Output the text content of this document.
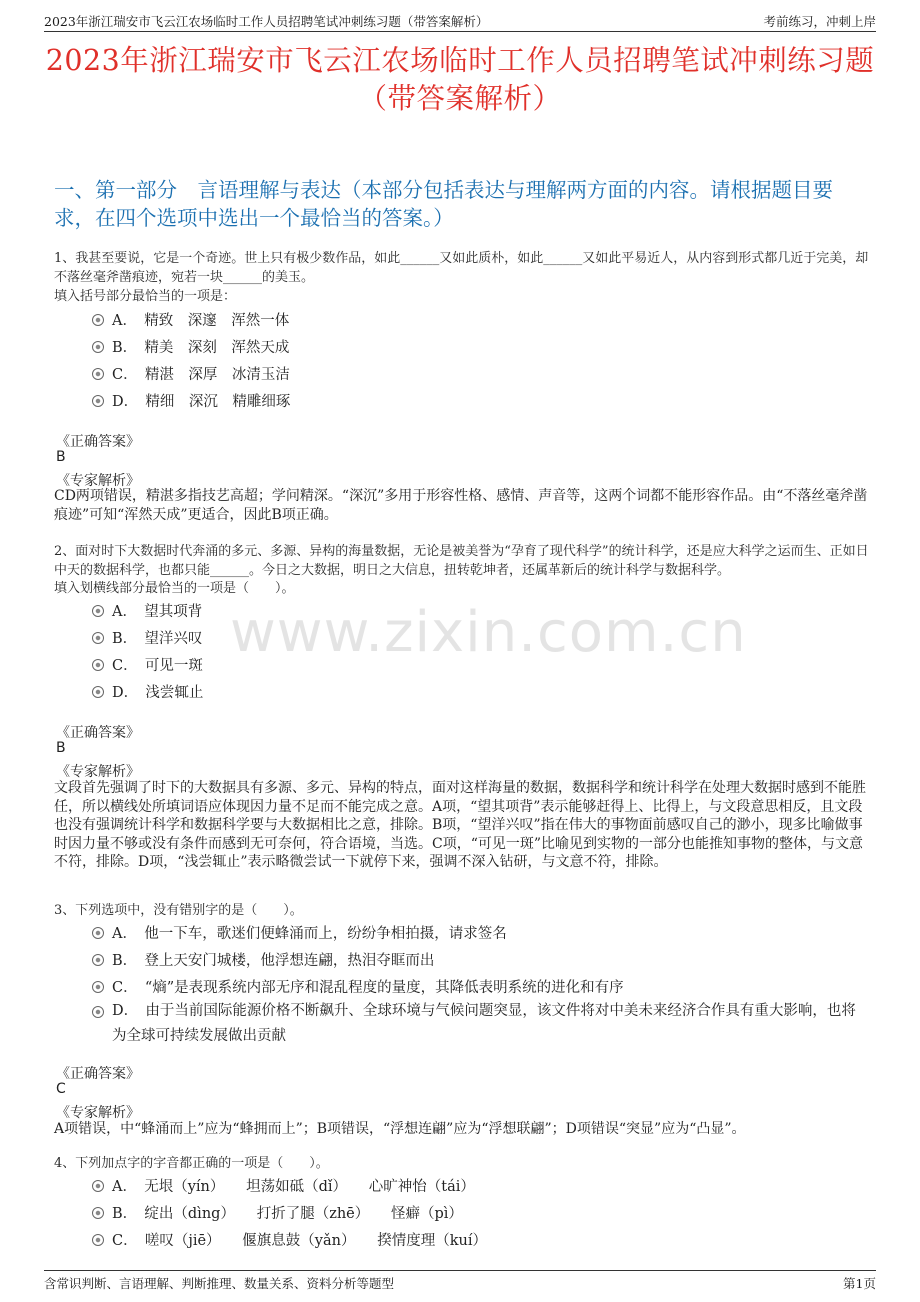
2023年浙江瑞安市飞云江农场临时工作人员招聘笔试冲刺练习题（带答案解析）	考前练习，冲刺上岸
2023年浙江瑞安市飞云江农场临时工作人员招聘笔试冲刺练习题（带答案解析）
一、第一部分　言语理解与表达（本部分包括表达与理解两方面的内容。请根据题目要求，在四个选项中选出一个最恰当的答案。）
www.zixin.com.cn
1、我甚至要说，它是一个奇迹。世上只有极少数作品，如此______又如此质朴，如此______又如此平易近人，从内容到形式都几近于完美，却不落丝毫斧凿痕迹，宛若一块______的美玉。
填入括号部分最恰当的一项是：
A．　精致　深邃　浑然一体
B．　精美　深刻　浑然天成
C．　精湛　深厚　冰清玉洁
D．　精细　深沉　精雕细琢
《正确答案》
B
《专家解析》
CD两项错误，精湛多指技艺高超；学问精深。“深沉”多用于形容性格、感情、声音等，这两个词都不能形容作品。由“不落丝毫斧凿痕迹”可知“浑然天成”更适合，因此B项正确。
2、面对时下大数据时代奔涌的多元、多源、异构的海量数据，无论是被美誉为“孕育了现代科学”的统计科学，还是应大科学之运而生、正如日中天的数据科学，也都只能______。今日之大数据，明日之大信息，扭转乾坤者，还属革新后的统计科学与数据科学。
填入划横线部分最恰当的一项是（　　）。
A．　望其项背
B．　望洋兴叹
C．　可见一斑
D．　浅尝辄止
《正确答案》
B
《专家解析》
文段首先强调了时下的大数据具有多源、多元、异构的特点，面对这样海量的数据，数据科学和统计科学在处理大数据时感到不能胜任，所以横线处所填词语应体现因力量不足而不能完成之意。A项，“望其项背”表示能够赶得上、比得上，与文段意思相反，且文段也没有强调统计科学和数据科学要与大数据相比之意，排除。B项，“望洋兴叹”指在伟大的事物面前感叹自己的渺小，现多比喻做事时因力量不够或没有条件而感到无可奈何，符合语境，当选。C项，“可见一斑”比喻见到实物的一部分也能推知事物的整体，与文意不符，排除。D项，“浅尝辄止”表示略微尝试一下就停下来，强调不深入钻研，与文意不符，排除。
3、下列选项中，没有错别字的是（　　）。
A．　他一下车，歌迷们便蜂涌而上，纷纷争相拍摄，请求签名
B．　登上天安门城楼，他浮想连翩，热泪夺眶而出
C．　“熵”是表现系统内部无序和混乱程度的量度，其降低表明系统的进化和有序
D．　由于当前国际能源价格不断飙升、全球环境与气候问题突显，该文件将对中美未来经济合作具有重大影响，也将为全球可持续发展做出贡献
《正确答案》
C
《专家解析》
A项错误，中“蜂涌而上”应为“蜂拥而上”；B项错误，“浮想连翩”应为“浮想联翩”；D项错误“突显”应为“凸显”。
4、下列加点字的字音都正确的一项是（　　）。
A．　无垠（yín）　　坦荡如砥（dǐ）　　心旷神怡（tái）
B．　绽出（dìng）　　打折了腿（zhē）　　怪癖（pì）
C．　嗟叹（jiē）　　偃旗息鼓（yǎn）　　揆情度理（kuí）
含常识判断、言语理解、判断推理、数量关系、资料分析等题型	第1页
